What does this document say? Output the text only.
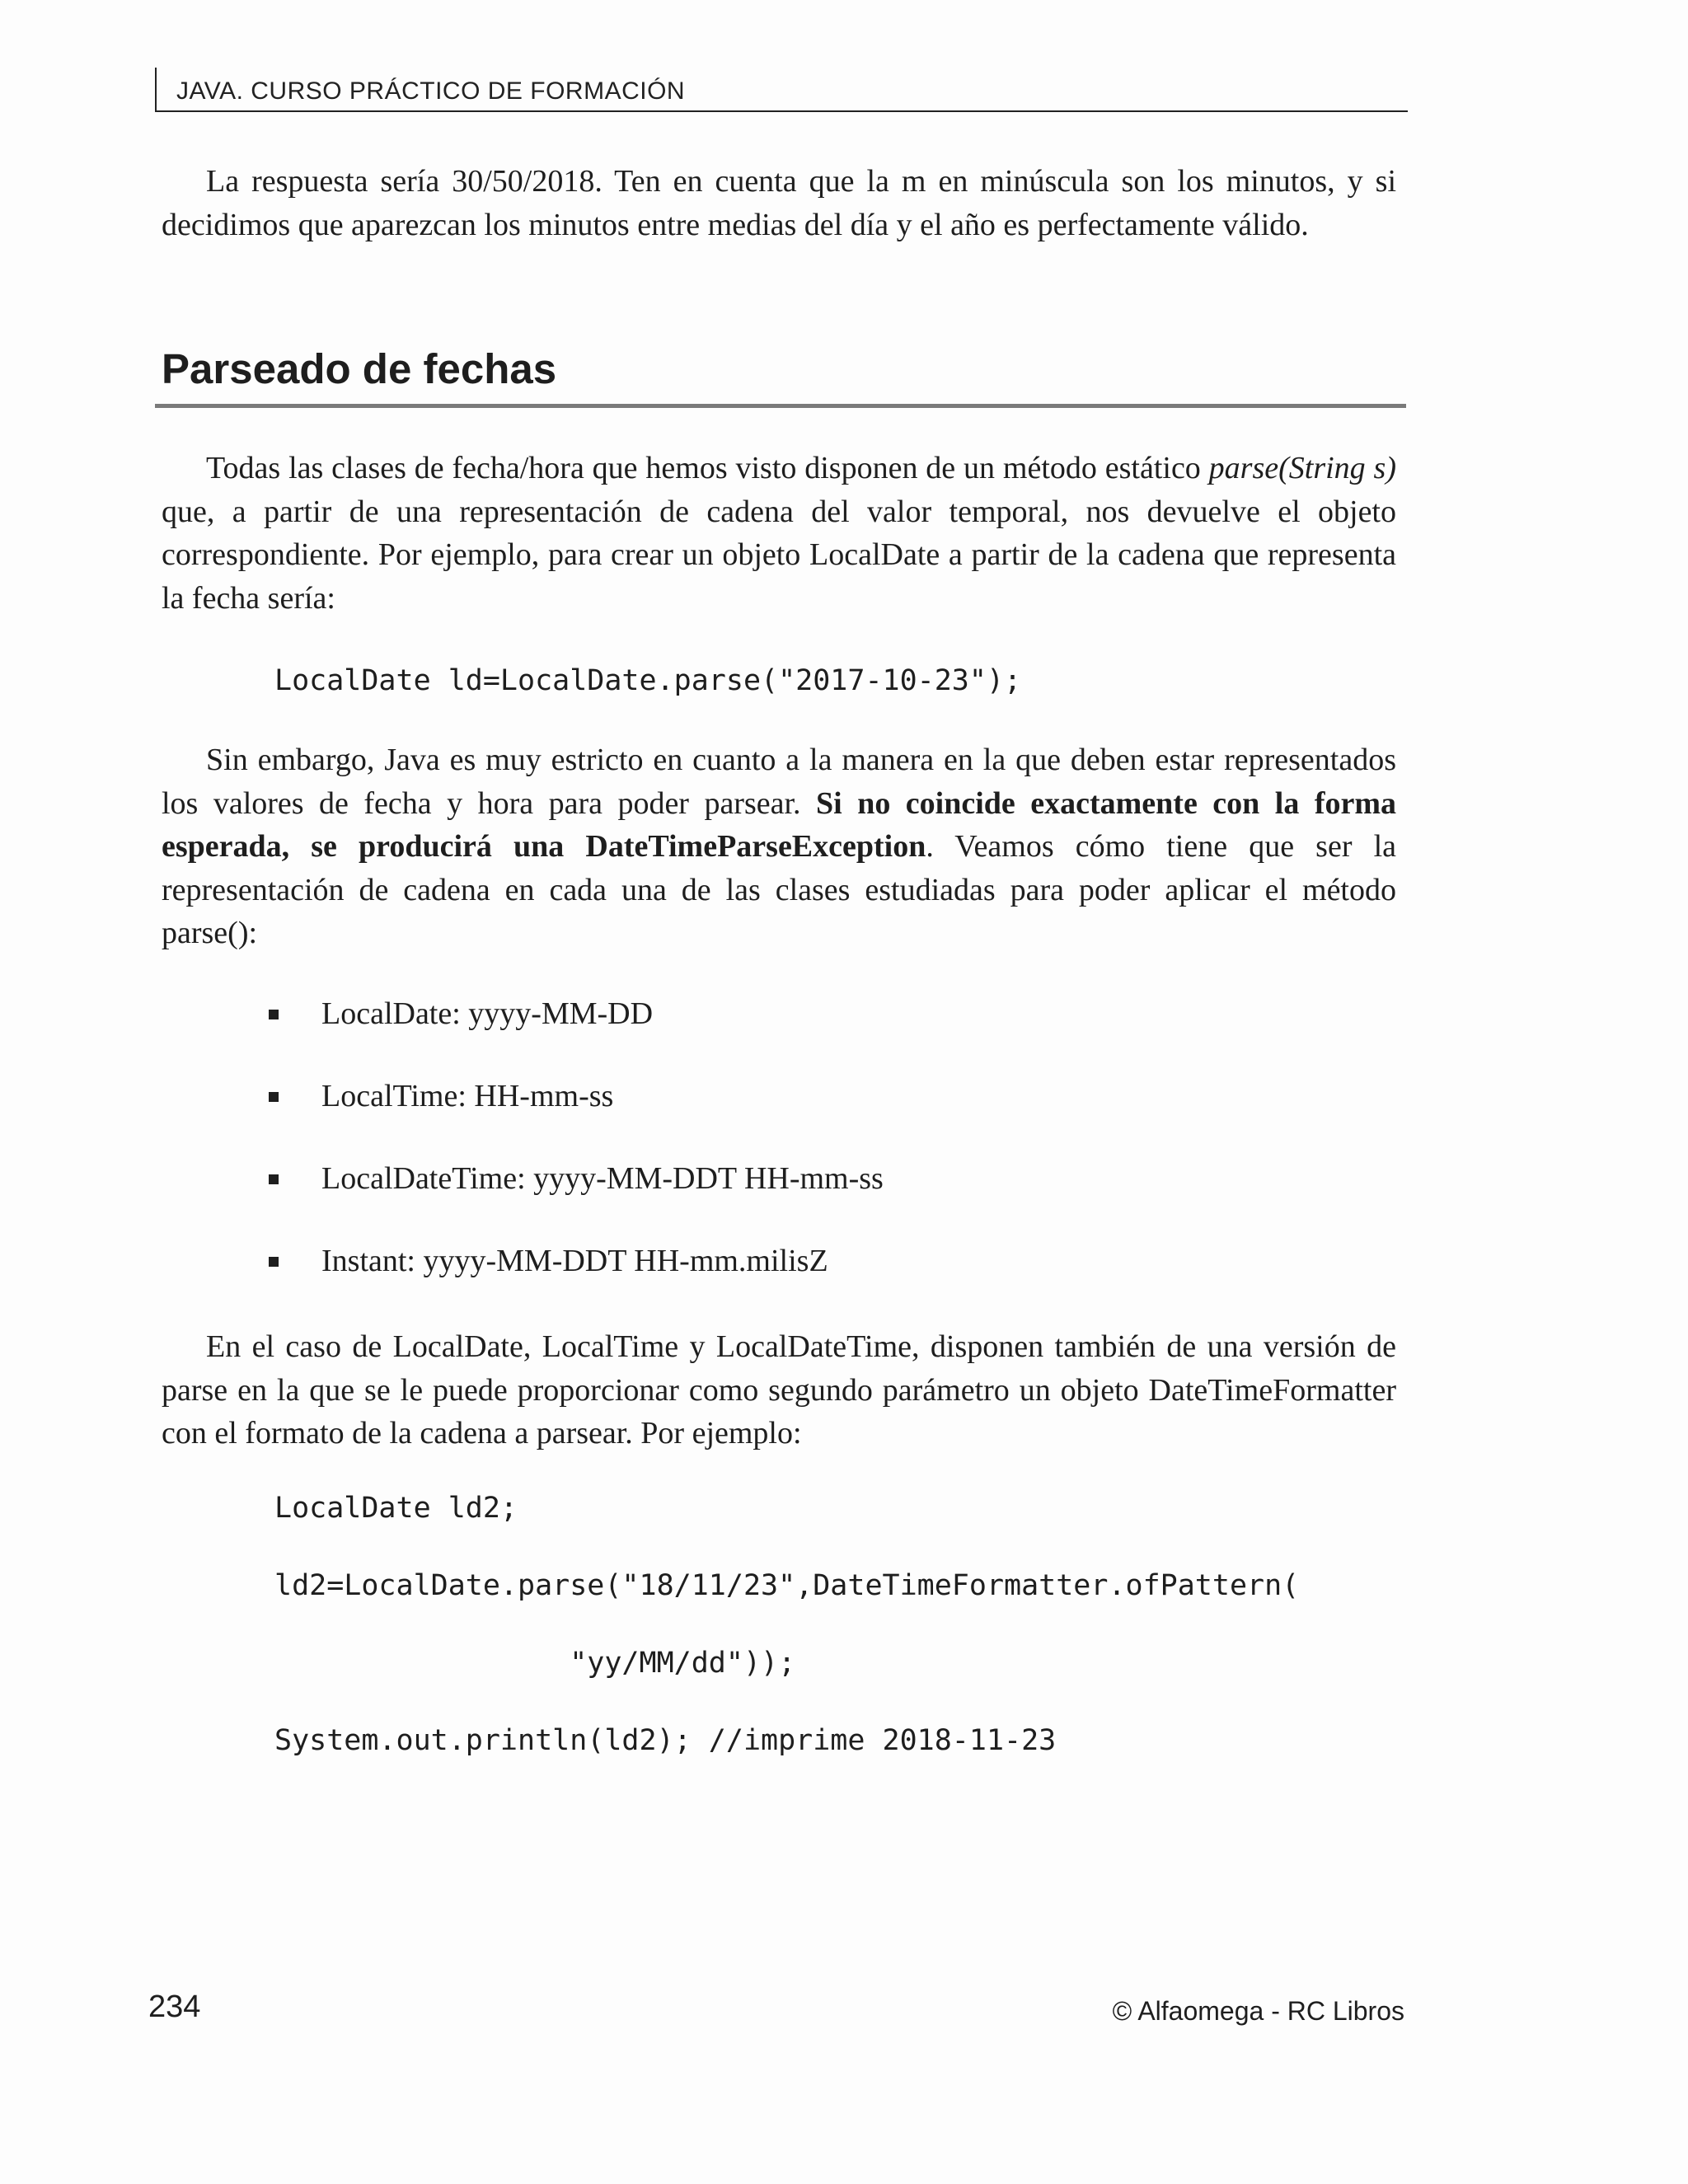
JAVA. CURSO PRÁCTICO DE FORMACIÓN
La respuesta sería 30/50/2018. Ten en cuenta que la m en minúscula son los minutos, y si decidimos que aparezcan los minutos entre medias del día y el año es perfectamente válido.
Parseado de fechas
Todas las clases de fecha/hora que hemos visto disponen de un método estático parse(String s) que, a partir de una representación de cadena del valor temporal, nos devuelve el objeto correspondiente. Por ejemplo, para crear un objeto LocalDate a partir de la cadena que representa la fecha sería:
LocalDate ld=LocalDate.parse("2017-10-23");
Sin embargo, Java es muy estricto en cuanto a la manera en la que deben estar representados los valores de fecha y hora para poder parsear. Si no coincide exactamente con la forma esperada, se producirá una DateTimeParseException. Veamos cómo tiene que ser la representación de cadena en cada una de las clases estudiadas para poder aplicar el método parse():
LocalDate: yyyy-MM-DD
LocalTime: HH-mm-ss
LocalDateTime: yyyy-MM-DDT HH-mm-ss
Instant: yyyy-MM-DDT HH-mm.milisZ
En el caso de LocalDate, LocalTime y LocalDateTime, disponen también de una versión de parse en la que se le puede proporcionar como segundo parámetro un objeto DateTimeFormatter con el formato de la cadena a parsear. Por ejemplo:
LocalDate ld2;
ld2=LocalDate.parse("18/11/23",DateTimeFormatter.ofPattern(
"yy/MM/dd"));
System.out.println(ld2); //imprime 2018-11-23
234	© Alfaomega - RC Libros
